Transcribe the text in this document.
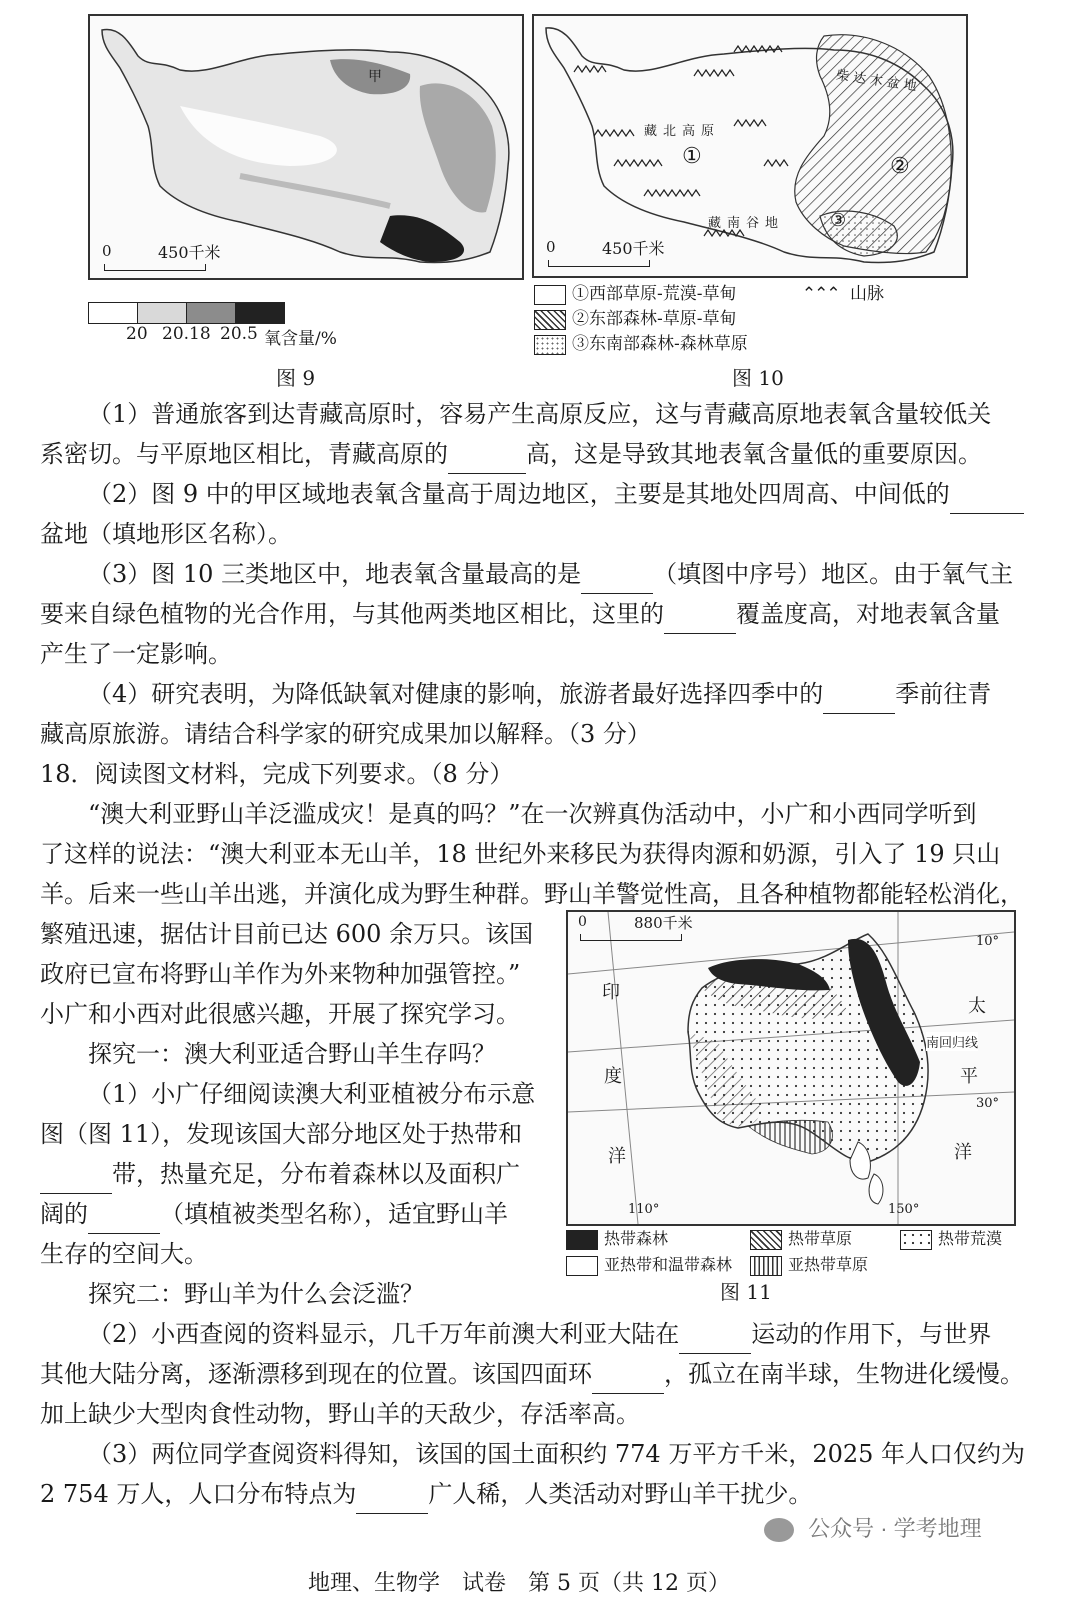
甲
0	450千米
20 20.18 20.5 氧含量/%
图 9
柴达木盆地
藏北高原
①	②
③
藏南谷地
0	450千米
①西部草原-荒漠-草甸	⌃⌃⌃ 山脉
②东部森林-草原-草甸
③东南部森林-森林草原
图 10
（1）普通旅客到达青藏高原时，容易产生高原反应，这与青藏高原地表氧含量较低关
系密切。与平原地区相比，青藏高原的	高，这是导致其地表氧含量低的重要原因。
（2）图 9 中的甲区域地表氧含量高于周边地区，主要是其地处四周高、中间低的
盆地（填地形区名称）。
（3）图 10 三类地区中，地表氧含量最高的是	（填图中序号）地区。由于氧气主
要来自绿色植物的光合作用，与其他两类地区相比，这里的	覆盖度高，对地表氧含量
产生了一定影响。
（4）研究表明，为降低缺氧对健康的影响，旅游者最好选择四季中的	季前往青
藏高原旅游。请结合科学家的研究成果加以解释。（3 分）
18．阅读图文材料，完成下列要求。（8 分）
“澳大利亚野山羊泛滥成灾！是真的吗？”在一次辨真伪活动中，小广和小西同学听到
了这样的说法：“澳大利亚本无山羊，18 世纪外来移民为获得肉源和奶源，引入了 19 只山
羊。后来一些山羊出逃，并演化成为野生种群。野山羊警觉性高，且各种植物都能轻松消化，
繁殖迅速，据估计目前已达 600 余万只。该国
政府已宣布将野山羊作为外来物种加强管控。”
小广和小西对此很感兴趣，开展了探究学习。
探究一：澳大利亚适合野山羊生存吗？
（1）小广仔细阅读澳大利亚植被分布示意
图（图 11），发现该国大部分地区处于热带和
带，热量充足，分布着森林以及面积广
阔的	（填植被类型名称），适宜野山羊
生存的空间大。
0	880千米
印
度
洋
太
平
洋
南回归线
10°
30°
110°	150°
热带森林	热带草原	热带荒漠
亚热带和温带森林	亚热带草原
图 11
探究二：野山羊为什么会泛滥？
（2）小西查阅的资料显示，几千万年前澳大利亚大陆在	运动的作用下，与世界
其他大陆分离，逐渐漂移到现在的位置。该国四面环	，孤立在南半球，生物进化缓慢。
加上缺少大型肉食性动物，野山羊的天敌少，存活率高。
（3）两位同学查阅资料得知，该国的国土面积约 774 万平方千米，2025 年人口仅约为
2 754 万人，人口分布特点为	广人稀，人类活动对野山羊干扰少。
公众号 · 学考地理
地理、生物学　试卷　第 5 页（共 12 页）
